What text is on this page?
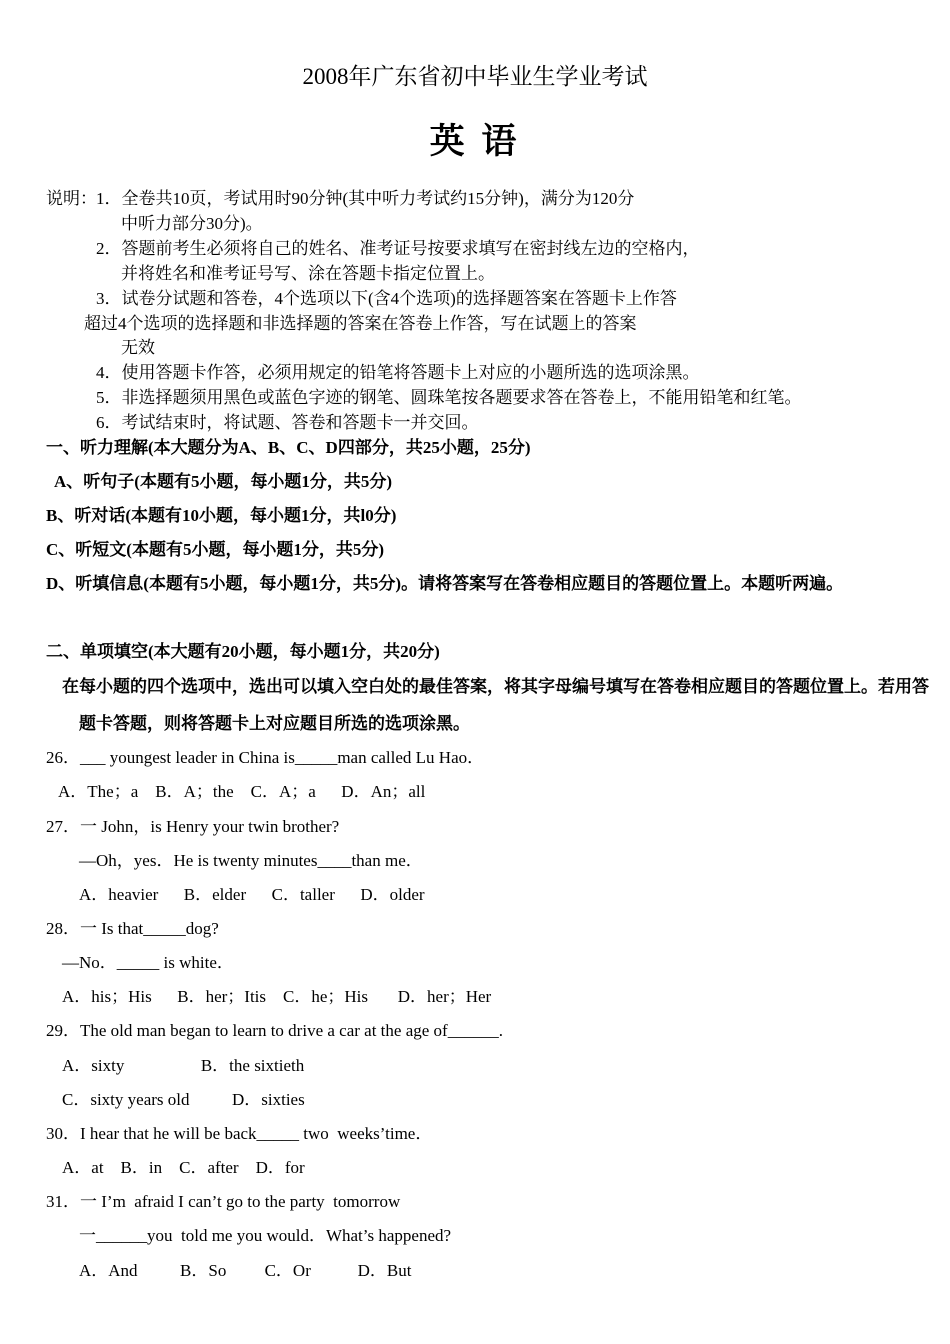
2008年广东省初中毕业生学业考试
英 语
说明： 1．全卷共10页，考试用时90分钟(其中听力考试约15分钟)，满分为120分
中听力部分30分)。
2．答题前考生必须将自己的姓名、准考证号按要求填写在密封线左边的空格内，
并将姓名和准考证号写、涂在答题卡指定位置上。
3．试卷分试题和答卷，4个选项以下(含4个选项)的选择题答案在答题卡上作答
超过4个选项的选择题和非选择题的答案在答卷上作答，写在试题上的答案
无效
4．使用答题卡作答，必须用规定的铅笔将答题卡上对应的小题所选的选项涂黑。
5．非选择题须用黑色或蓝色字迹的钢笔、圆珠笔按各题要求答在答卷上，不能用铅笔和红笔。
6．考试结束时，将试题、答卷和答题卡一并交回。
一、听力理解(本大题分为A、B、C、D四部分，共25小题，25分)
A、听句子(本题有5小题，每小题1分，共5分)
B、听对话(本题有10小题，每小题1分，共l0分)
C、听短文(本题有5小题，每小题1分，共5分)
D、听填信息(本题有5小题，每小题1分，共5分)。请将答案写在答卷相应题目的答题位置上。本题听两遍。
二、单项填空(本大题有20小题，每小题1分，共20分)
在每小题的四个选项中，选出可以填入空白处的最佳答案，将其字母编号填写在答卷相应题目的答题位置上。若用答
题卡答题，则将答题卡上对应题目所选的选项涂黑。
26．___ youngest leader in China is_____man called Lu Hao．
A．The；a    B．A；the    C．A；a      D．An；all
27．一 John，is Henry your twin brother?
—Oh，yes．He is twenty minutes____than me．
A．heavier      B．elder      C．taller      D．older
28．一 Is that_____dog?
—No．_____ is white．
A．his；His      B．her；Itis    C．he；His       D．her；Her
29．The old man began to learn to drive a car at the age of______.
A．sixty                  B．the sixtieth
C．sixty years old          D．sixties
30．I hear that he will be back_____ two  weeks’time．
A．at    B．in    C．after    D．for
31．一 I’m  afraid I can’t go to the party  tomorrow
一______you  told me you would．What’s happened?
A．And          B．So         C．Or           D．But
